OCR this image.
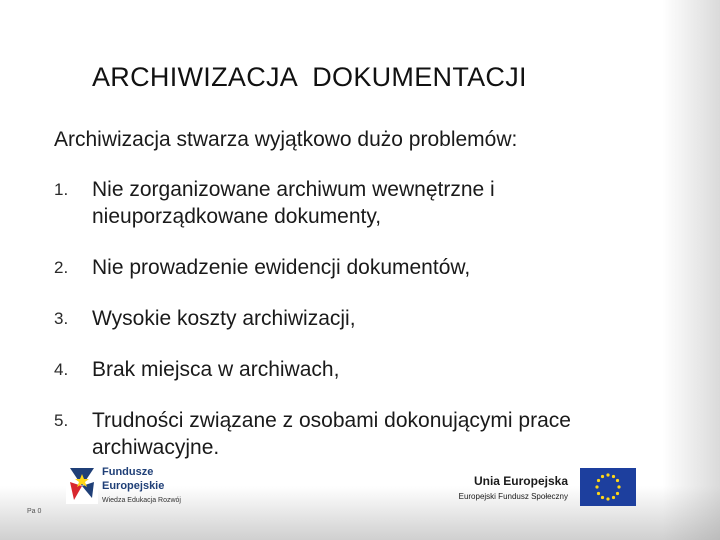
ARCHIWIZACJA  DOKUMENTACJI
Archiwizacja stwarza wyjątkowo dużo problemów:
1. Nie zorganizowane archiwum wewnętrzne i nieuporządkowane dokumenty,
2. Nie prowadzenie ewidencji dokumentów,
3. Wysokie koszty archiwizacji,
4. Brak miejsca w archiwach,
5. Trudności związane z osobami dokonującymi prace archiwacyjne.
Fundusze
Europejskie
Wiedza Edukacja Rozwój
Unia Europejska
Europejski Fundusz Społeczny
Pa 0
